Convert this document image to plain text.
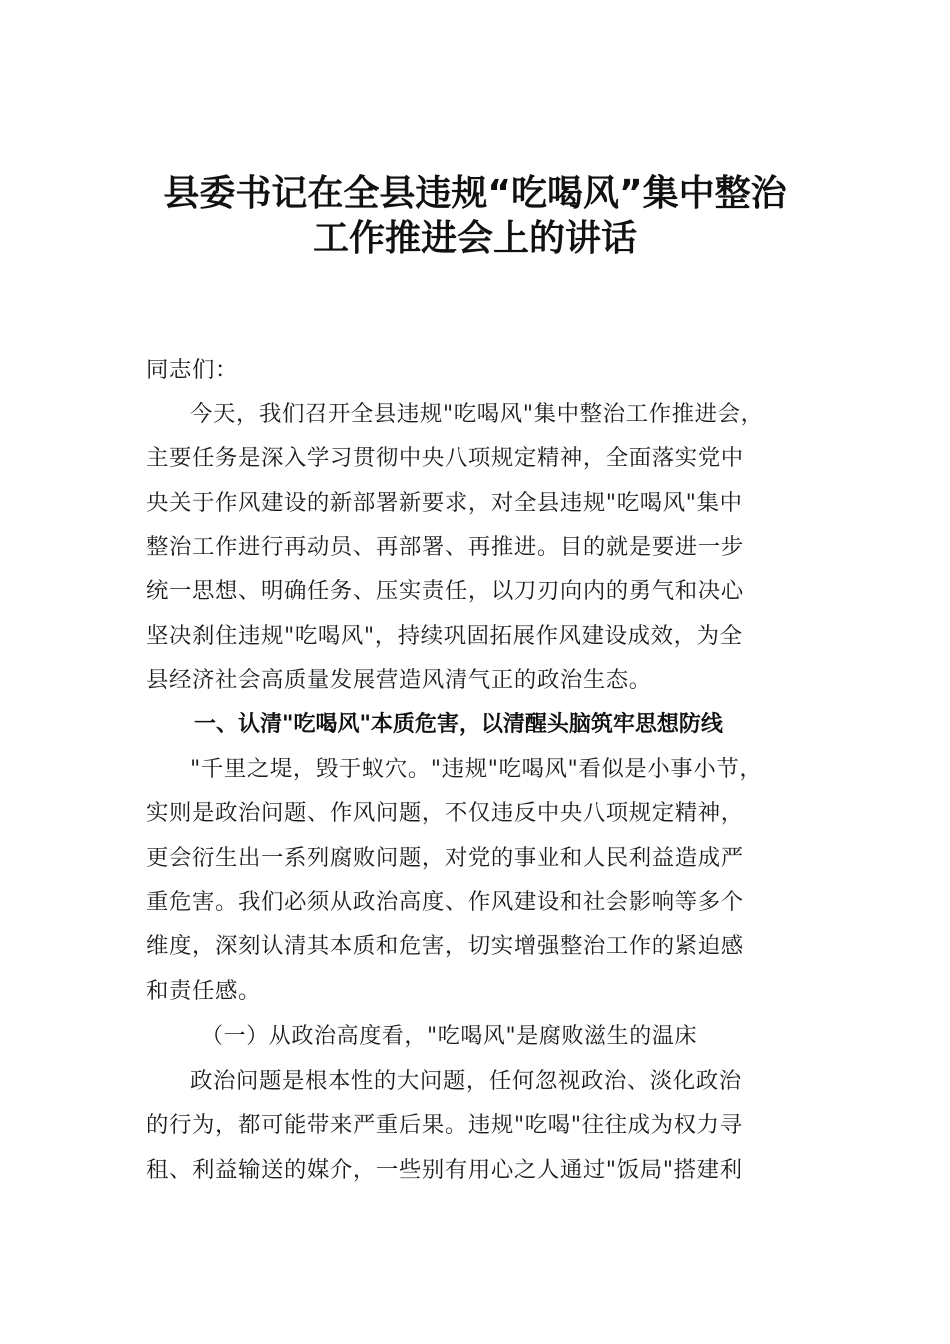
县委书记在全县违规“吃喝风”集中整治
工作推进会上的讲话
同志们：
今天，我们召开全县违规"吃喝风"集中整治工作推进会，
主要任务是深入学习贯彻中央八项规定精神，全面落实党中
央关于作风建设的新部署新要求，对全县违规"吃喝风"集中
整治工作进行再动员、再部署、再推进。目的就是要进一步
统一思想、明确任务、压实责任，以刀刃向内的勇气和决心
坚决刹住违规"吃喝风"，持续巩固拓展作风建设成效，为全
县经济社会高质量发展营造风清气正的政治生态。
一、认清"吃喝风"本质危害，以清醒头脑筑牢思想防线
"千里之堤，毁于蚁穴。"违规"吃喝风"看似是小事小节，
实则是政治问题、作风问题，不仅违反中央八项规定精神，
更会衍生出一系列腐败问题，对党的事业和人民利益造成严
重危害。我们必须从政治高度、作风建设和社会影响等多个
维度，深刻认清其本质和危害，切实增强整治工作的紧迫感
和责任感。
（一）从政治高度看，"吃喝风"是腐败滋生的温床
政治问题是根本性的大问题，任何忽视政治、淡化政治
的行为，都可能带来严重后果。违规"吃喝"往往成为权力寻
租、利益输送的媒介，一些别有用心之人通过"饭局"搭建利
